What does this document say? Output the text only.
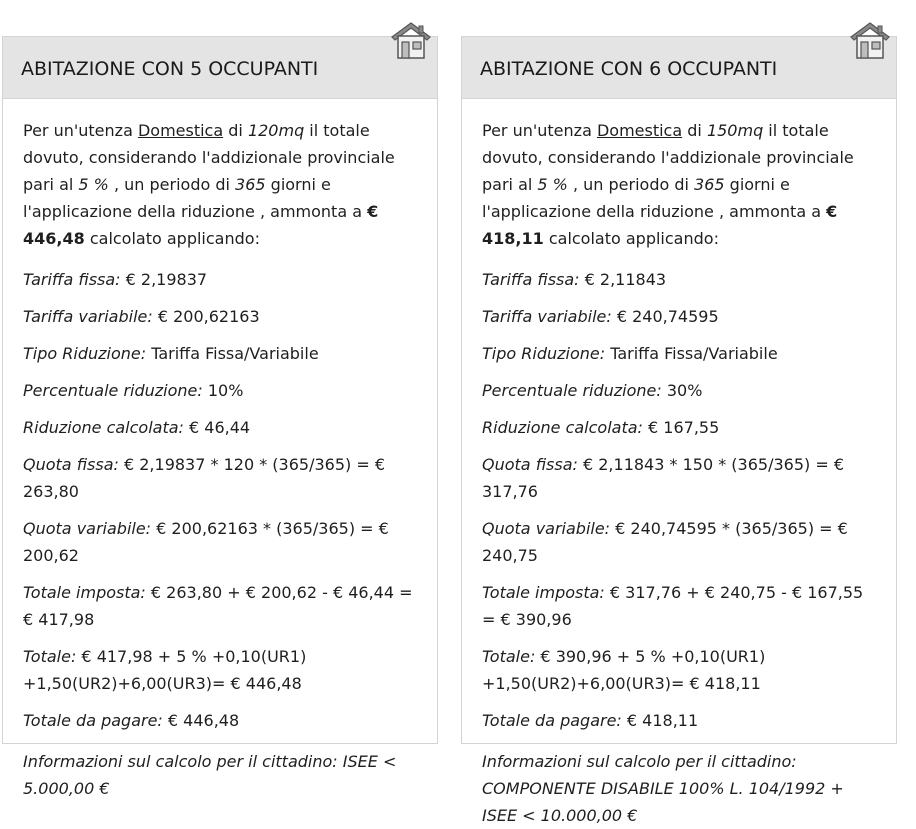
ABITAZIONE CON 5 OCCUPANTI

Per un'utenza Domestica di 120mq il totale dovuto, considerando l'addizionale provinciale pari al 5 % , un periodo di 365 giorni e l'applicazione della riduzione , ammonta a € 446,48 calcolato applicando:

Tariffa fissa: € 2,19837

Tariffa variabile: € 200,62163

Tipo Riduzione: Tariffa Fissa/Variabile

Percentuale riduzione: 10%

Riduzione calcolata: € 46,44

Quota fissa: € 2,19837 * 120 * (365/365) = € 263,80

Quota variabile: € 200,62163 * (365/365) = € 200,62

Totale imposta: € 263,80 + € 200,62 - € 46,44 = € 417,98

Totale: € 417,98 + 5 % +0,10(UR1) +1,50(UR2)+6,00(UR3)= € 446,48

Totale da pagare: € 446,48

Informazioni sul calcolo per il cittadino: ISEE < 5.000,00 €

ABITAZIONE CON 6 OCCUPANTI

Per un'utenza Domestica di 150mq il totale dovuto, considerando l'addizionale provinciale pari al 5 % , un periodo di 365 giorni e l'applicazione della riduzione , ammonta a € 418,11 calcolato applicando:

Tariffa fissa: € 2,11843

Tariffa variabile: € 240,74595

Tipo Riduzione: Tariffa Fissa/Variabile

Percentuale riduzione: 30%

Riduzione calcolata: € 167,55

Quota fissa: € 2,11843 * 150 * (365/365) = € 317,76

Quota variabile: € 240,74595 * (365/365) = € 240,75

Totale imposta: € 317,76 + € 240,75 - € 167,55 = € 390,96

Totale: € 390,96 + 5 % +0,10(UR1) +1,50(UR2)+6,00(UR3)= € 418,11

Totale da pagare: € 418,11

Informazioni sul calcolo per il cittadino: COMPONENTE DISABILE 100% L. 104/1992 + ISEE < 10.000,00 €
